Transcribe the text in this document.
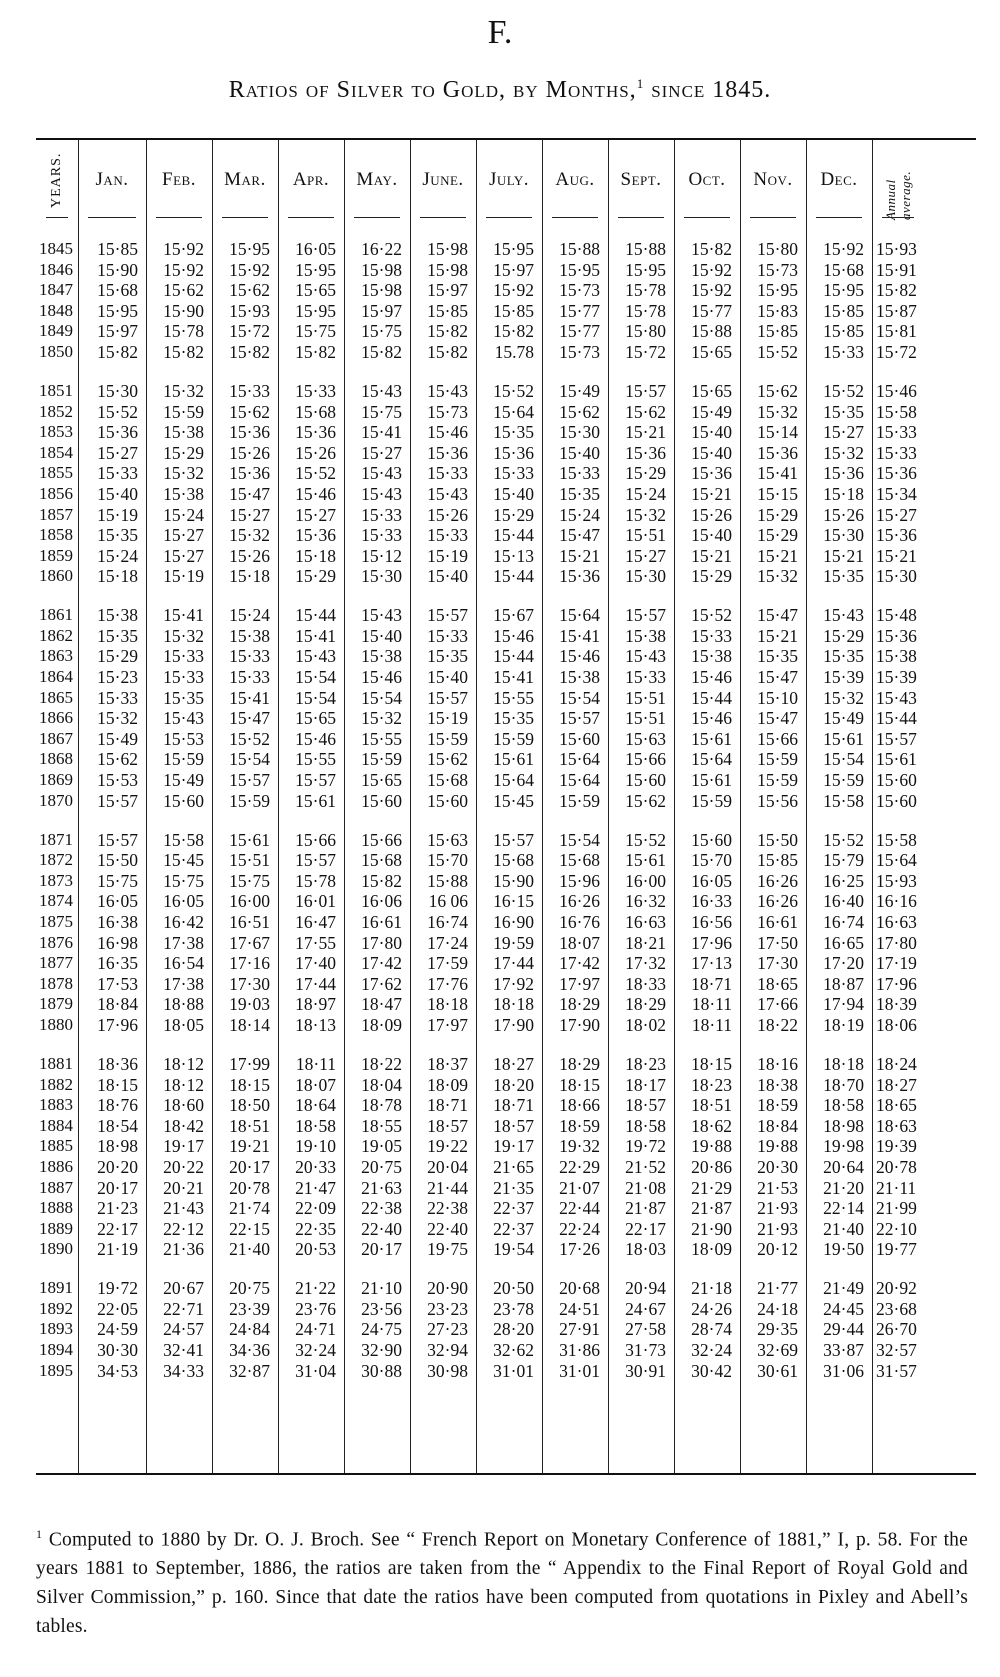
F.
Ratios of Silver to Gold, by Months,$^1$ since 1845.
YEARS.
1845
1846
1847
1848
1849
1850
1851
1852
1853
1854
1855
1856
1857
1858
1859
1860
1861
1862
1863
1864
1865
1866
1867
1868
1869
1870
1871
1872
1873
1874
1875
1876
1877
1878
1879
1880
1881
1882
1883
1884
1885
1886
1887
1888
1889
1890
1891
1892
1893
1894
1895
Jan.
15·85
15·90
15·68
15·95
15·97
15·82
15·30
15·52
15·36
15·27
15·33
15·40
15·19
15·35
15·24
15·18
15·38
15·35
15·29
15·23
15·33
15·32
15·49
15·62
15·53
15·57
15·57
15·50
15·75
16·05
16·38
16·98
16·35
17·53
18·84
17·96
18·36
18·15
18·76
18·54
18·98
20·20
20·17
21·23
22·17
21·19
19·72
22·05
24·59
30·30
34·53
Feb.
15·92
15·92
15·62
15·90
15·78
15·82
15·32
15·59
15·38
15·29
15·32
15·38
15·24
15·27
15·27
15·19
15·41
15·32
15·33
15·33
15·35
15·43
15·53
15·59
15·49
15·60
15·58
15·45
15·75
16·05
16·42
17·38
16·54
17·38
18·88
18·05
18·12
18·12
18·60
18·42
19·17
20·22
20·21
21·43
22·12
21·36
20·67
22·71
24·57
32·41
34·33
Mar.
15·95
15·92
15·62
15·93
15·72
15·82
15·33
15·62
15·36
15·26
15·36
15·47
15·27
15·32
15·26
15·18
15·24
15·38
15·33
15·33
15·41
15·47
15·52
15·54
15·57
15·59
15·61
15·51
15·75
16·00
16·51
17·67
17·16
17·30
19·03
18·14
17·99
18·15
18·50
18·51
19·21
20·17
20·78
21·74
22·15
21·40
20·75
23·39
24·84
34·36
32·87
Apr.
16·05
15·95
15·65
15·95
15·75
15·82
15·33
15·68
15·36
15·26
15·52
15·46
15·27
15·36
15·18
15·29
15·44
15·41
15·43
15·54
15·54
15·65
15·46
15·55
15·57
15·61
15·66
15·57
15·78
16·01
16·47
17·55
17·40
17·44
18·97
18·13
18·11
18·07
18·64
18·58
19·10
20·33
21·47
22·09
22·35
20·53
21·22
23·76
24·71
32·24
31·04
May.
16·22
15·98
15·98
15·97
15·75
15·82
15·43
15·75
15·41
15·27
15·43
15·43
15·33
15·33
15·12
15·30
15·43
15·40
15·38
15·46
15·54
15·32
15·55
15·59
15·65
15·60
15·66
15·68
15·82
16·06
16·61
17·80
17·42
17·62
18·47
18·09
18·22
18·04
18·78
18·55
19·05
20·75
21·63
22·38
22·40
20·17
21·10
23·56
24·75
32·90
30·88
June.
15·98
15·98
15·97
15·85
15·82
15·82
15·43
15·73
15·46
15·36
15·33
15·43
15·26
15·33
15·19
15·40
15·57
15·33
15·35
15·40
15·57
15·19
15·59
15·62
15·68
15·60
15·63
15·70
15·88
16 06
16·74
17·24
17·59
17·76
18·18
17·97
18·37
18·09
18·71
18·57
19·22
20·04
21·44
22·38
22·40
19·75
20·90
23·23
27·23
32·94
30·98
July.
15·95
15·97
15·92
15·85
15·82
15.78
15·52
15·64
15·35
15·36
15·33
15·40
15·29
15·44
15·13
15·44
15·67
15·46
15·44
15·41
15·55
15·35
15·59
15·61
15·64
15·45
15·57
15·68
15·90
16·15
16·90
19·59
17·44
17·92
18·18
17·90
18·27
18·20
18·71
18·57
19·17
21·65
21·35
22·37
22·37
19·54
20·50
23·78
28·20
32·62
31·01
Aug.
15·88
15·95
15·73
15·77
15·77
15·73
15·49
15·62
15·30
15·40
15·33
15·35
15·24
15·47
15·21
15·36
15·64
15·41
15·46
15·38
15·54
15·57
15·60
15·64
15·64
15·59
15·54
15·68
15·96
16·26
16·76
18·07
17·42
17·97
18·29
17·90
18·29
18·15
18·66
18·59
19·32
22·29
21·07
22·44
22·24
17·26
20·68
24·51
27·91
31·86
31·01
Sept.
15·88
15·95
15·78
15·78
15·80
15·72
15·57
15·62
15·21
15·36
15·29
15·24
15·32
15·51
15·27
15·30
15·57
15·38
15·43
15·33
15·51
15·51
15·63
15·66
15·60
15·62
15·52
15·61
16·00
16·32
16·63
18·21
17·32
18·33
18·29
18·02
18·23
18·17
18·57
18·58
19·72
21·52
21·08
21·87
22·17
18·03
20·94
24·67
27·58
31·73
30·91
Oct.
15·82
15·92
15·92
15·77
15·88
15·65
15·65
15·49
15·40
15·40
15·36
15·21
15·26
15·40
15·21
15·29
15·52
15·33
15·38
15·46
15·44
15·46
15·61
15·64
15·61
15·59
15·60
15·70
16·05
16·33
16·56
17·96
17·13
18·71
18·11
18·11
18·15
18·23
18·51
18·62
19·88
20·86
21·29
21·87
21·90
18·09
21·18
24·26
28·74
32·24
30·42
Nov.
15·80
15·73
15·95
15·83
15·85
15·52
15·62
15·32
15·14
15·36
15·41
15·15
15·29
15·29
15·21
15·32
15·47
15·21
15·35
15·47
15·10
15·47
15·66
15·59
15·59
15·56
15·50
15·85
16·26
16·26
16·61
17·50
17·30
18·65
17·66
18·22
18·16
18·38
18·59
18·84
19·88
20·30
21·53
21·93
21·93
20·12
21·77
24·18
29·35
32·69
30·61
Dec.
15·92
15·68
15·95
15·85
15·85
15·33
15·52
15·35
15·27
15·32
15·36
15·18
15·26
15·30
15·21
15·35
15·43
15·29
15·35
15·39
15·32
15·49
15·61
15·54
15·59
15·58
15·52
15·79
16·25
16·40
16·74
16·65
17·20
18·87
17·94
18·19
18·18
18·70
18·58
18·98
19·98
20·64
21·20
22·14
21·40
19·50
21·49
24·45
29·44
33·87
31·06
Annual average.
15·93
15·91
15·82
15·87
15·81
15·72
15·46
15·58
15·33
15·33
15·36
15·34
15·27
15·36
15·21
15·30
15·48
15·36
15·38
15·39
15·43
15·44
15·57
15·61
15·60
15·60
15·58
15·64
15·93
16·16
16·63
17·80
17·19
17·96
18·39
18·06
18·24
18·27
18·65
18·63
19·39
20·78
21·11
21·99
22·10
19·77
20·92
23·68
26·70
32·57
31·57

$^1$ Computed to 1880 by Dr. O. J. Broch. See “ French Report on Monetary Conference of 1881,” I, p. 58. For the years 1881 to September, 1886, the ratios are taken from the “ Appendix to the Final Report of Royal Gold and Silver Commission,” p. 160. Since that date the ratios have been computed from quotations in Pixley and Abell’s tables.
